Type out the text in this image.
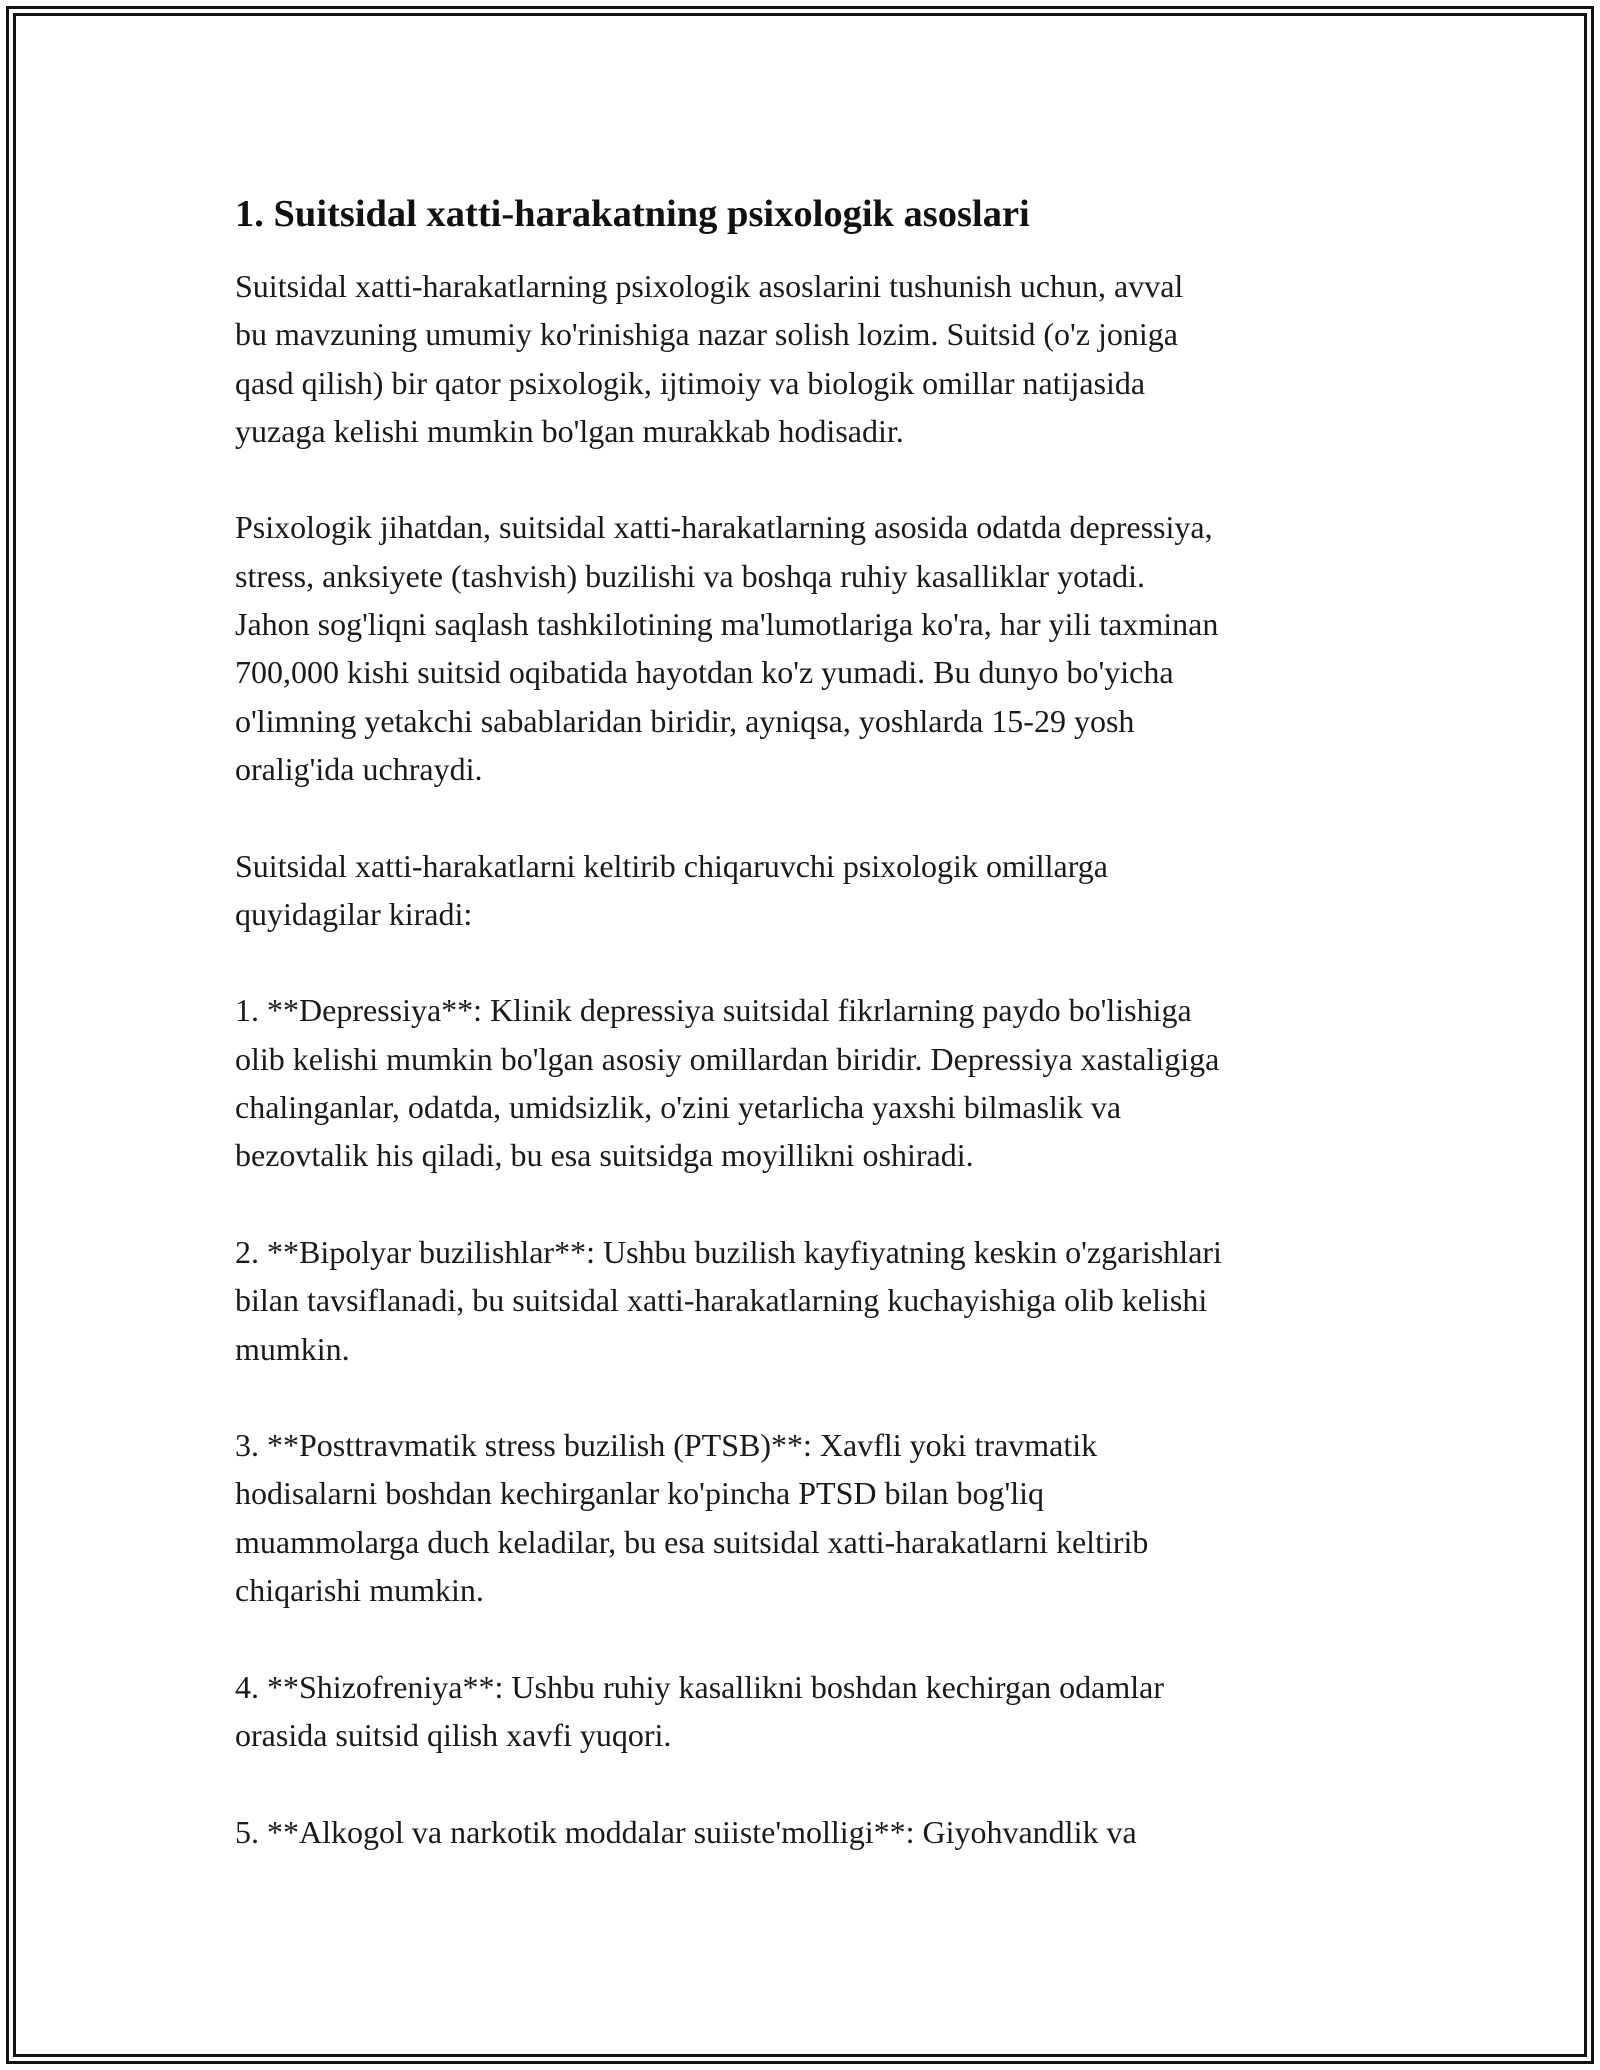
1. Suitsidal xatti-harakatning psixologik asoslari

Suitsidal xatti-harakatlarning psixologik asoslarini tushunish uchun, avval
bu mavzuning umumiy ko'rinishiga nazar solish lozim. Suitsid (o'z joniga
qasd qilish) bir qator psixologik, ijtimoiy va biologik omillar natijasida
yuzaga kelishi mumkin bo'lgan murakkab hodisadir.

Psixologik jihatdan, suitsidal xatti-harakatlarning asosida odatda depressiya,
stress, anksiyete (tashvish) buzilishi va boshqa ruhiy kasalliklar yotadi.
Jahon sog'liqni saqlash tashkilotining ma'lumotlariga ko'ra, har yili taxminan
700,000 kishi suitsid oqibatida hayotdan ko'z yumadi. Bu dunyo bo'yicha
o'limning yetakchi sabablaridan biridir, ayniqsa, yoshlarda 15-29 yosh
oralig'ida uchraydi.

Suitsidal xatti-harakatlarni keltirib chiqaruvchi psixologik omillarga
quyidagilar kiradi:

1. **Depressiya**: Klinik depressiya suitsidal fikrlarning paydo bo'lishiga
olib kelishi mumkin bo'lgan asosiy omillardan biridir. Depressiya xastaligiga
chalinganlar, odatda, umidsizlik, o'zini yetarlicha yaxshi bilmaslik va
bezovtalik his qiladi, bu esa suitsidga moyillikni oshiradi.

2. **Bipolyar buzilishlar**: Ushbu buzilish kayfiyatning keskin o'zgarishlari
bilan tavsiflanadi, bu suitsidal xatti-harakatlarning kuchayishiga olib kelishi
mumkin.

3. **Posttravmatik stress buzilish (PTSB)**: Xavfli yoki travmatik
hodisalarni boshdan kechirganlar ko'pincha PTSD bilan bog'liq
muammolarga duch keladilar, bu esa suitsidal xatti-harakatlarni keltirib
chiqarishi mumkin.

4. **Shizofreniya**: Ushbu ruhiy kasallikni boshdan kechirgan odamlar
orasida suitsid qilish xavfi yuqori.

5. **Alkogol va narkotik moddalar suiiste'molligi**: Giyohvandlik va
